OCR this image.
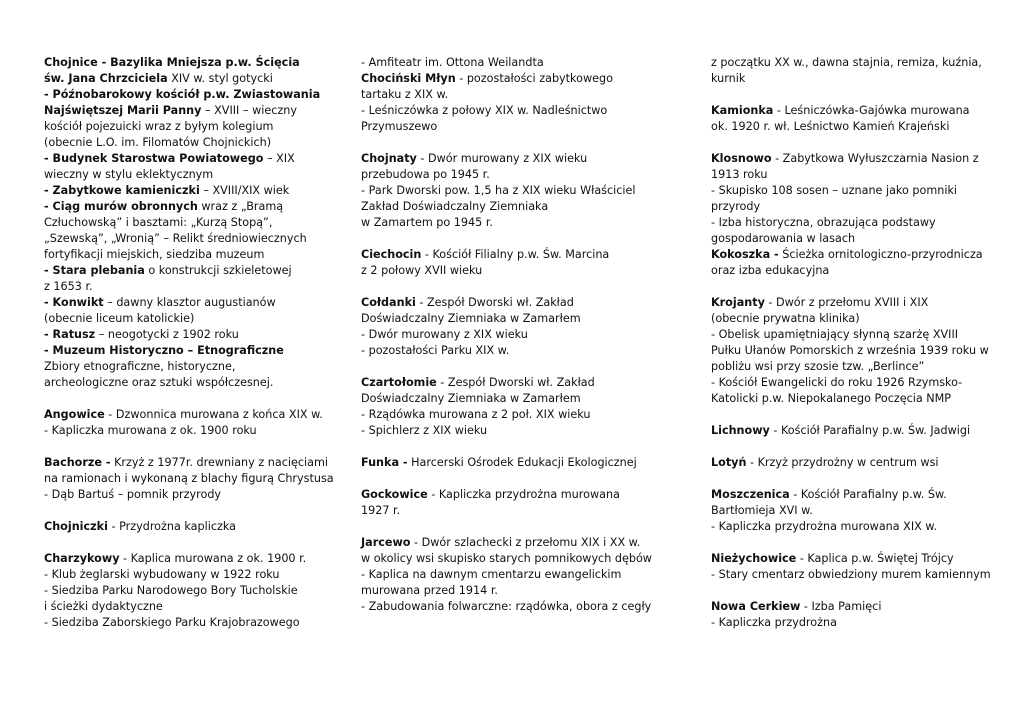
Chojnice - Bazylika Mniejsza p.w. Ścięcia
św. Jana Chrzciciela XIV w. styl gotycki
- Późnobarokowy kościół p.w. Zwiastowania
Najświętszej Marii Panny – XVIII – wieczny
kościół pojezuicki wraz z byłym kolegium
(obecnie L.O. im. Filomatów Chojnickich)
- Budynek Starostwa Powiatowego – XIX
wieczny w stylu eklektycznym
- Zabytkowe kamieniczki – XVIII/XIX wiek
- Ciąg murów obronnych wraz z „Bramą
Człuchowską” i basztami: „Kurzą Stopą”,
„Szewską”, „Wronią” – Relikt średniowiecznych
fortyfikacji miejskich, siedziba muzeum
- Stara plebania o konstrukcji szkieletowej
z 1653 r.
- Konwikt – dawny klasztor augustianów
(obecnie liceum katolickie)
- Ratusz – neogotycki z 1902 roku
- Muzeum Historyczno – Etnograficzne
Zbiory etnograficzne, historyczne,
archeologiczne oraz sztuki współczesnej.
Angowice - Dzwonnica murowana z końca XIX w.
- Kapliczka murowana z ok. 1900 roku
Bachorze - Krzyż z 1977r. drewniany z nacięciami
na ramionach i wykonaną z blachy figurą Chrystusa
- Dąb Bartuś – pomnik przyrody
Chojniczki - Przydrożna kapliczka
Charzykowy - Kaplica murowana z ok. 1900 r.
- Klub żeglarski wybudowany w 1922 roku
- Siedziba Parku Narodowego Bory Tucholskie
i ścieżki dydaktyczne
- Siedziba Zaborskiego Parku Krajobrazowego
- Amfiteatr im. Ottona Weilandta
Chociński Młyn - pozostałości zabytkowego
tartaku z XIX w.
- Leśniczówka z połowy XIX w. Nadleśnictwo
Przymuszewo
Chojnaty - Dwór murowany z XIX wieku
przebudowa po 1945 r.
- Park Dworski pow. 1,5 ha z XIX wieku Właściciel
Zakład Doświadczalny Ziemniaka
w Zamartem po 1945 r.
Ciechocin - Kościół Filialny p.w. Św. Marcina
z 2 połowy XVII wieku
Cołdanki - Zespół Dworski wł. Zakład
Doświadczalny Ziemniaka w Zamarłem
- Dwór murowany z XIX wieku
- pozostałości Parku XIX w.
Czartołomie - Zespół Dworski wł. Zakład
Doświadczalny Ziemniaka w Zamarłem
- Rządówka murowana z 2 poł. XIX wieku
- Spichlerz z XIX wieku
Funka - Harcerski Ośrodek Edukacji Ekologicznej
Gockowice - Kapliczka przydrożna murowana
1927 r.
Jarcewo - Dwór szlachecki z przełomu XIX i XX w.
w okolicy wsi skupisko starych pomnikowych dębów
- Kaplica na dawnym cmentarzu ewangelickim
murowana przed 1914 r.
- Zabudowania folwarczne: rządówka, obora z cegły
z początku XX w., dawna stajnia, remiza, kuźnia,
kurnik
Kamionka - Leśniczówka-Gajówka murowana
ok. 1920 r. wł. Leśnictwo Kamień Krajeński
Klosnowo - Zabytkowa Wyłuszczarnia Nasion z
1913 roku
- Skupisko 108 sosen – uznane jako pomniki
przyrody
- Izba historyczna, obrazująca podstawy
gospodarowania w lasach
Kokoszka - Ścieżka ornitologiczno-przyrodnicza
oraz izba edukacyjna
Krojanty - Dwór z przełomu XVIII i XIX
(obecnie prywatna klinika)
- Obelisk upamiętniający słynną szarżę XVIII
Pułku Ułanów Pomorskich z września 1939 roku w
pobliżu wsi przy szosie tzw. „Berlince”
- Kościół Ewangelicki do roku 1926 Rzymsko-
Katolicki p.w. Niepokalanego Poczęcia NMP
Lichnowy - Kościół Parafialny p.w. Św. Jadwigi
Lotyń - Krzyż przydrożny w centrum wsi
Moszczenica - Kościół Parafialny p.w. Św.
Bartłomieja XVI w.
- Kapliczka przydrożna murowana XIX w.
Nieżychowice - Kaplica p.w. Świętej Trójcy
- Stary cmentarz obwiedziony murem kamiennym
Nowa Cerkiew - Izba Pamięci
- Kapliczka przydrożna
